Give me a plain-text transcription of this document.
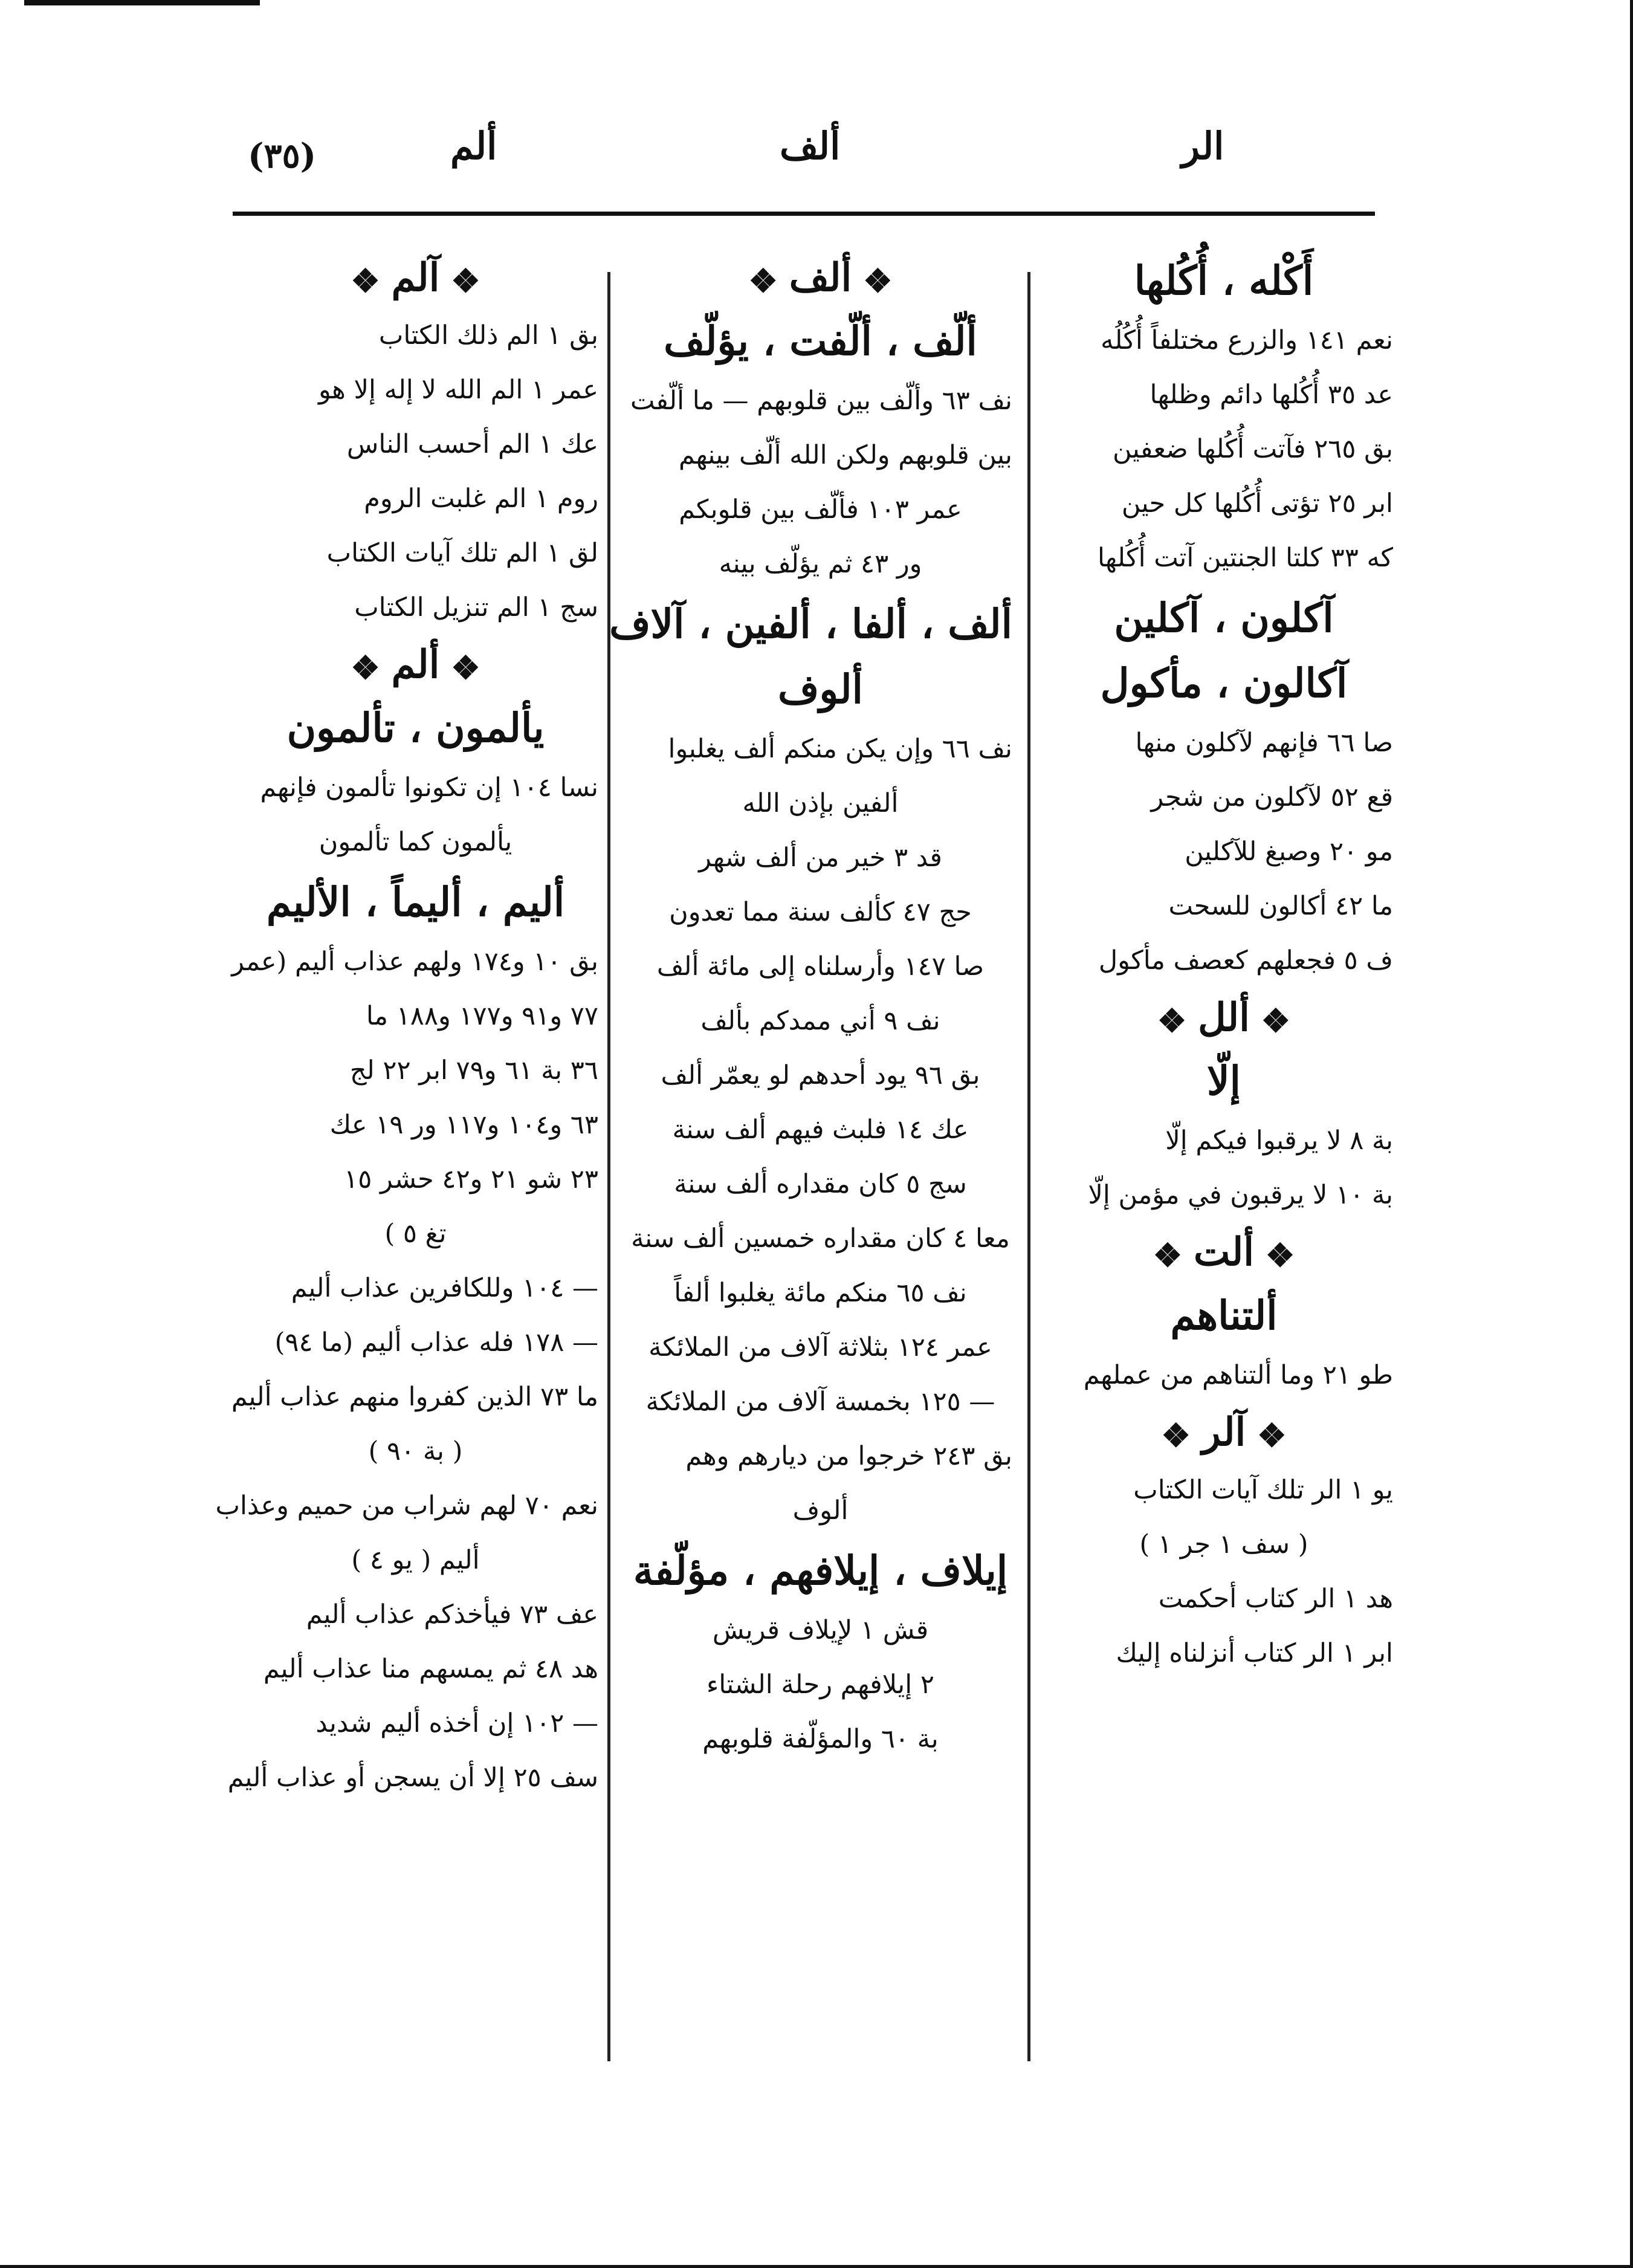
(٣٥)	ألم	ألف	الر
أَكْله ، أُكُلها
نعم ١٤١ والزرع مختلفاً أُكُلُه
عد ٣٥ أُكُلها دائم وظلها
بق ٢٦٥ فآتت أُكُلها ضعفين
ابر ٢٥ تؤتى أُكُلها كل حين
كه ٣٣ كلتا الجنتين آتت أُكُلها
آكلون ، آكلين
آكالون ، مأكول
صا ٦٦ فإنهم لآكلون منها
قع ٥٢ لآكلون من شجر
مو ٢٠ وصبغ للآكلين
ما ٤٢ أكالون للسحت
ف ٥ فجعلهم كعصف مأكول
❖ ألل ❖
إلّا
بة ٨ لا يرقبوا فيكم إلّا
بة ١٠ لا يرقبون في مؤمن إلّا
❖ ألت ❖
ألتناهم
طو ٢١ وما ألتناهم من عملهم
❖ آلر ❖
يو ١ الر تلك آيات الكتاب
( سف ١ جر ١ )
هد ١ الر كتاب أحكمت
ابر ١ الر كتاب أنزلناه إليك
❖ ألف ❖
ألّف ، ألّفت ، يؤلّف
نف ٦٣ وألّف بين قلوبهم — ما ألّفت
بين قلوبهم ولكن الله ألّف بينهم
عمر ١٠٣ فألّف بين قلوبكم
ور ٤٣ ثم يؤلّف بينه
ألف ، ألفا ، ألفين ، آلاف
ألوف
نف ٦٦ وإن يكن منكم ألف يغلبوا
ألفين بإذن الله
قد ٣ خير من ألف شهر
حج ٤٧ كألف سنة مما تعدون
صا ١٤٧ وأرسلناه إلى مائة ألف
نف ٩ أني ممدكم بألف
بق ٩٦ يود أحدهم لو يعمّر ألف
عك ١٤ فلبث فيهم ألف سنة
سج ٥ كان مقداره ألف سنة
معا ٤ كان مقداره خمسين ألف سنة
نف ٦٥ منكم مائة يغلبوا ألفاً
عمر ١٢٤ بثلاثة آلاف من الملائكة
— ١٢٥ بخمسة آلاف من الملائكة
بق ٢٤٣ خرجوا من ديارهم وهم
ألوف
إيلاف ، إيلافهم ، مؤلّفة
قش ١ لإيلاف قريش
٢ إيلافهم رحلة الشتاء
بة ٦٠ والمؤلّفة قلوبهم
❖ آلم ❖
بق ١ الم ذلك الكتاب
عمر ١ الم الله لا إله إلا هو
عك ١ الم أحسب الناس
روم ١ الم غلبت الروم
لق ١ الم تلك آيات الكتاب
سج ١ الم تنزيل الكتاب
❖ ألم ❖
يألمون ، تألمون
نسا ١٠٤ إن تكونوا تألمون فإنهم
يألمون كما تألمون
أليم ، أليماً ، الأليم
بق ١٠ و١٧٤ ولهم عذاب أليم (عمر
٧٧ و٩١ و١٧٧ و١٨٨ ما
٣٦ بة ٦١ و٧٩ ابر ٢٢ لج
٦٣ و١٠٤ و١١٧ ور ١٩ عك
٢٣ شو ٢١ و٤٢ حشر ١٥
تغ ٥ )
— ١٠٤ وللكافرين عذاب أليم
— ١٧٨ فله عذاب أليم (ما ٩٤)
ما ٧٣ الذين كفروا منهم عذاب أليم
( بة ٩٠ )
نعم ٧٠ لهم شراب من حميم وعذاب
أليم ( يو ٤ )
عف ٧٣ فيأخذكم عذاب أليم
هد ٤٨ ثم يمسهم منا عذاب أليم
— ١٠٢ إن أخذه أليم شديد
سف ٢٥ إلا أن يسجن أو عذاب أليم
